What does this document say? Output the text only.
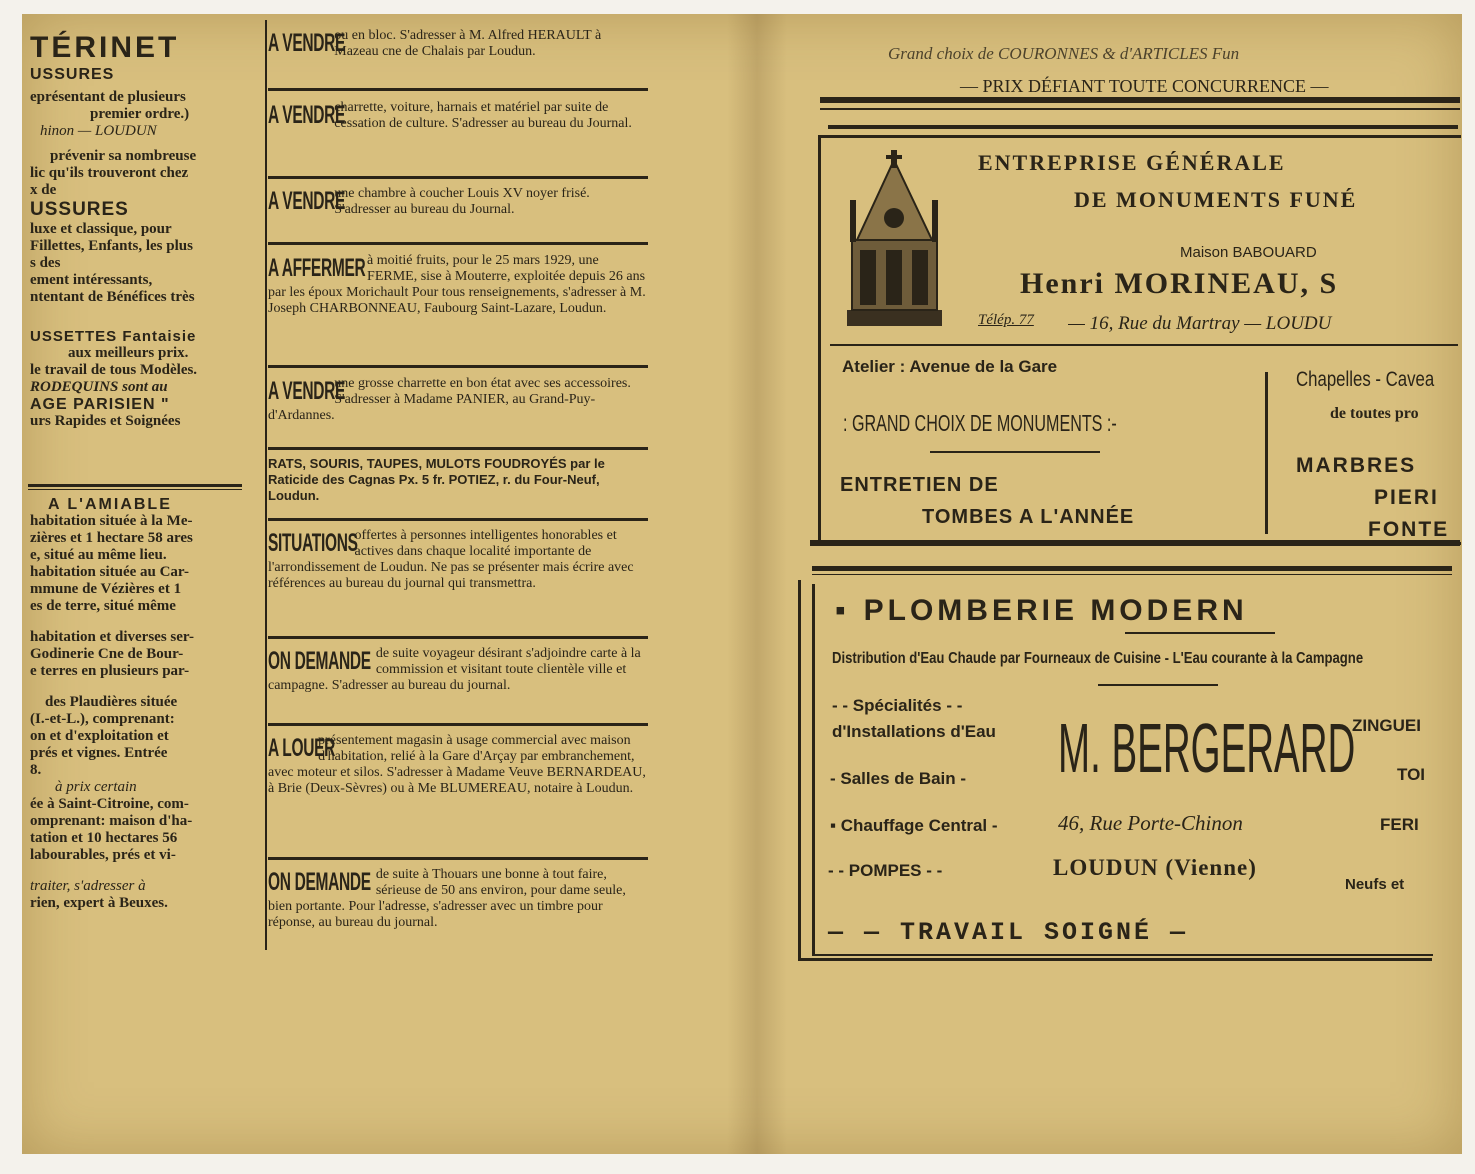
TÉRINET
USSURES
eprésentant de plusieurs
premier ordre.)
hinon — LOUDUN
prévenir sa nombreuse
lic qu'ils trouveront chez
x de
USSURES
luxe et classique, pour
Fillettes, Enfants, les plus
s des
ement intéressants,
ntentant de Bénéfices très
USSETTES Fantaisie
aux meilleurs prix.
le travail de tous Modèles.
RODEQUINS sont au
AGE PARISIEN "
urs Rapides et Soignées
A L'AMIABLE
habitation située à la Me-
zières et 1 hectare 58 ares
e, situé au même lieu.
habitation située au Car-
mmune de Vézières et 1
es de terre, situé même
habitation et diverses ser-
Godinerie Cne de Bour-
e terres en plusieurs par-
des Plaudières située
(I.-et-L.), comprenant:
on et d'exploitation et
prés et vignes. Entrée
8.
à prix certain
ée à Saint-Citroine, com-
omprenant: maison d'ha-
tation et 10 hectares 56
labourables, prés et vi-
traiter, s'adresser à
rien, expert à Beuxes.
A VENDRE
ou en bloc. S'adresser à M. Alfred HERAULT à Mazeau cne de Chalais par Loudun.
A VENDRE
charrette, voiture, harnais et matériel par suite de cessation de culture. S'adresser au bureau du Journal.
A VENDRE
une chambre à coucher Louis XV noyer frisé. S'adresser au bureau du Journal.
A AFFERMER à moitié fruits, pour le 25 mars 1929, une FERME, sise à Mouterre, exploitée depuis 26 ans par les époux Morichault Pour tous renseignements, s'adresser à M. Joseph CHARBONNEAU, Faubourg Saint-Lazare, Loudun.
A VENDRE
une grosse charrette en bon état avec ses accessoires. S'adresser à Madame PANIER, au Grand-Puy-d'Ardannes.
RATS, SOURIS, TAUPES, MULOTS FOUDROYÉS par le Raticide des Cagnas Px. 5 fr. POTIEZ, r. du Four-Neuf, Loudun.
SITUATIONS
offertes à personnes intelligentes honorables et actives dans chaque localité importante de l'arrondissement de Loudun. Ne pas se présenter mais écrire avec références au bureau du journal qui transmettra.
ON DEMANDE de suite voyageur désirant s'adjoindre carte à la commission et visitant toute clientèle ville et campagne. S'adresser au bureau du journal.
A LOUER
présentement magasin à usage commercial avec maison d'habitation, relié à la Gare d'Arçay par embranchement, avec moteur et silos. S'adresser à Madame Veuve BERNARDEAU, à Brie (Deux-Sèvres) ou à Me BLUMEREAU, notaire à Loudun.
ON DEMANDE de suite à Thouars une bonne à tout faire, sérieuse de 50 ans environ, pour dame seule, bien portante. Pour l'adresse, s'adresser avec un timbre pour réponse, au bureau du journal.
Grand choix de COURONNES & d'ARTICLES Fun
— PRIX DÉFIANT TOUTE CONCURRENCE —
ENTREPRISE GÉNÉRALE
DE MONUMENTS FUNÉ
Maison BABOUARD
Henri MORINEAU, S
Télép. 77 — 16, Rue du Martray — LOUDU
Atelier : Avenue de la Gare
: GRAND CHOIX DE MONUMENTS :-
ENTRETIEN DE
TOMBES A L'ANNÉE
Chapelles - Cavea
de toutes pro
MARBRES
PIERI
FONTE
▪ PLOMBERIE MODERN
Distribution d'Eau Chaude par Fourneaux de Cuisine - L'Eau courante à la Campagne
- - Spécialités - -
d'Installations d'Eau
- Salles de Bain -
▪ Chauffage Central -
- - POMPES - -
M. BERGERARD
46, Rue Porte-Chinon
LOUDUN (Vienne)
ZINGUEI
TOI
FERI
Neufs et
— — TRAVAIL SOIGNÉ —
